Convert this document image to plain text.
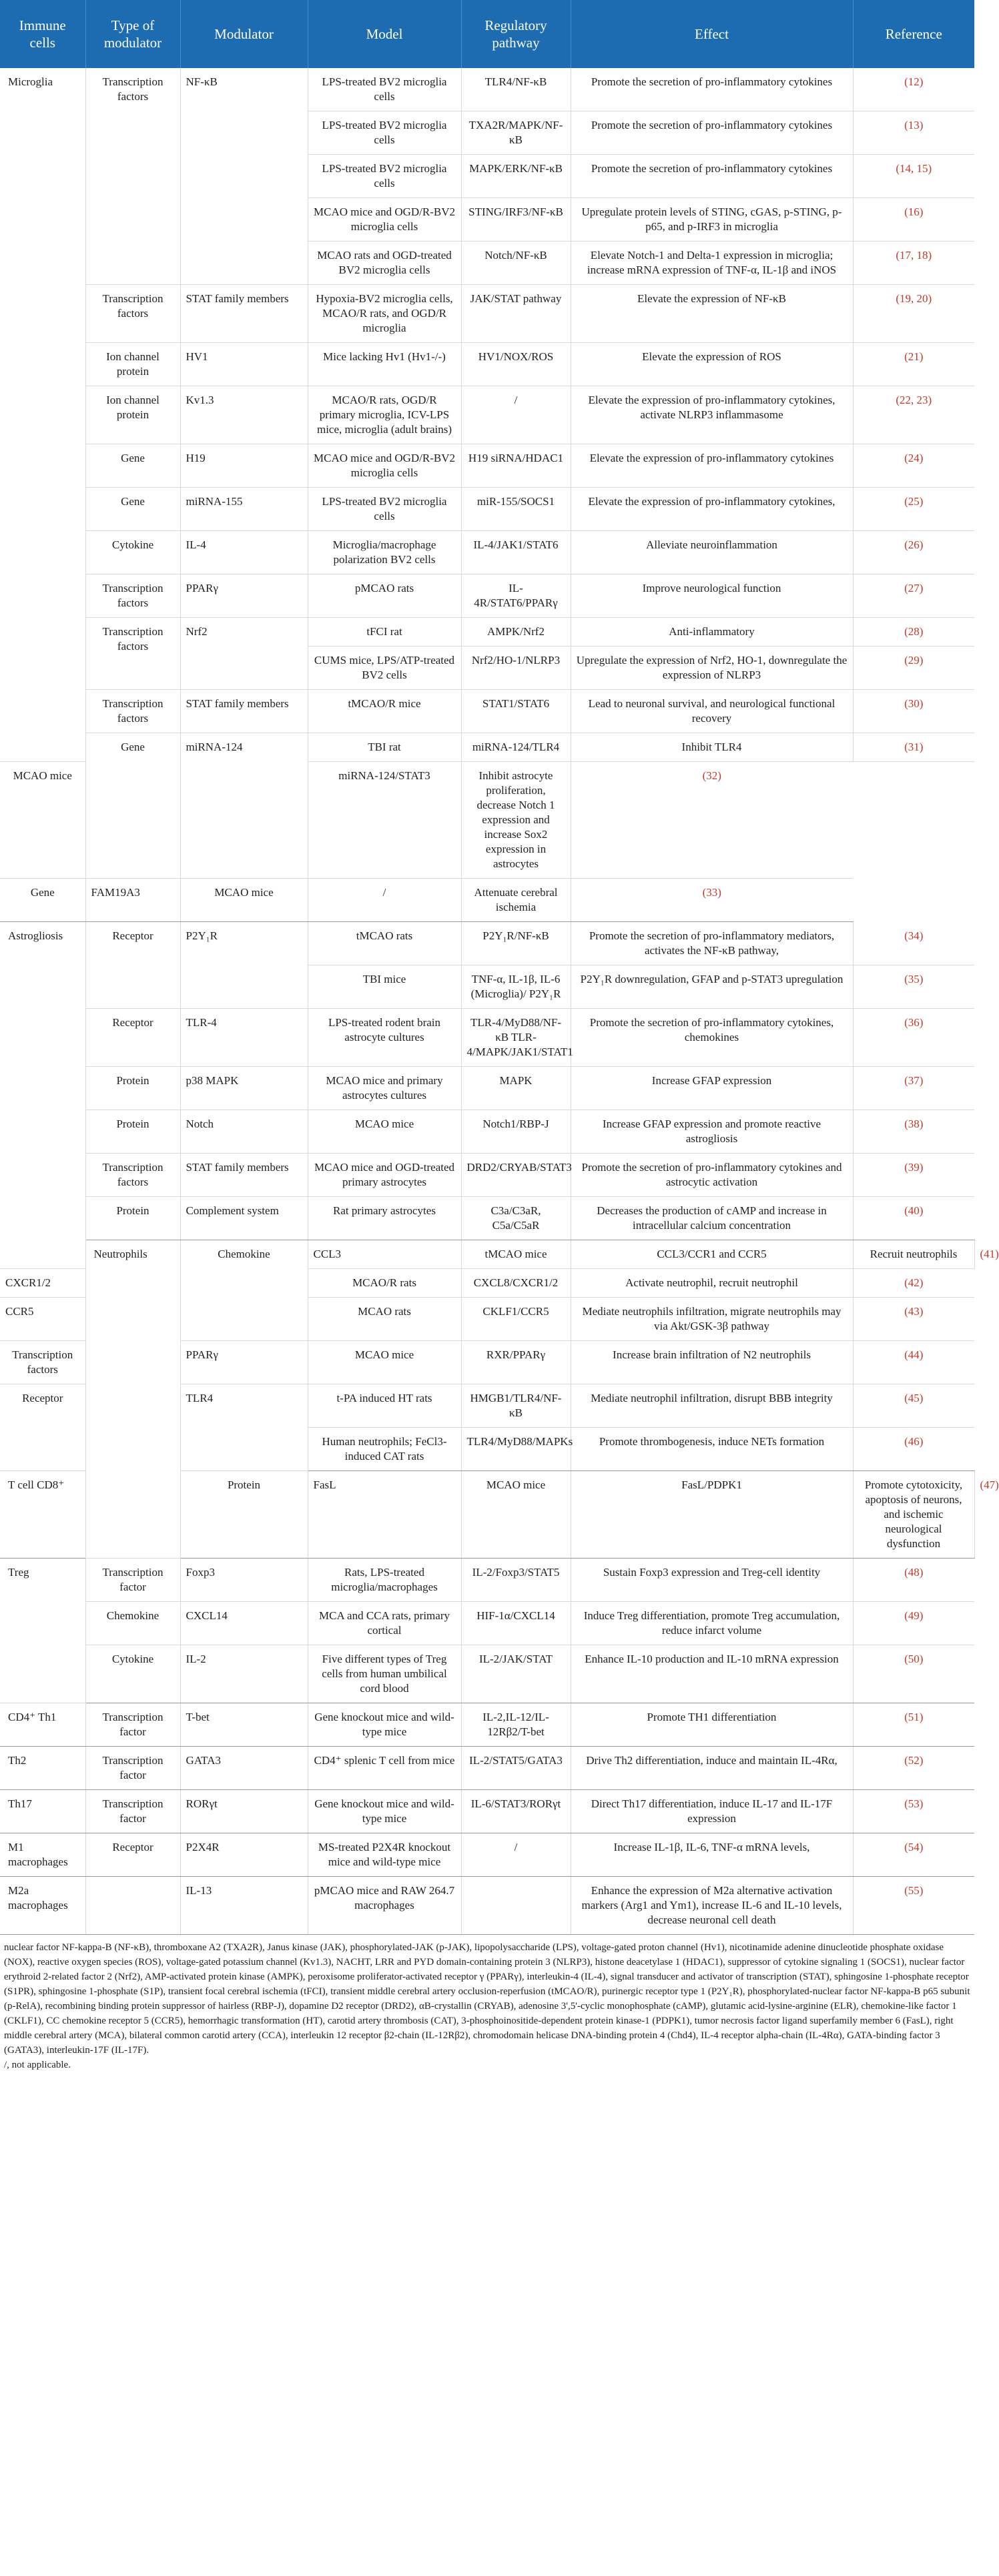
Immune cells	Type of modulator	Modulator	Model	Regulatory pathway	Effect	Reference	
Microglia	Transcription factors	NF-κB	LPS-treated BV2 microglia cells	TLR4/NF-κB	Promote the secretion of pro-inflammatory cytokines	(12)	
			LPS-treated BV2 microglia cells	TXA2R/MAPK/NF-κB	Promote the secretion of pro-inflammatory cytokines	(13)	
			LPS-treated BV2 microglia cells	MAPK/ERK/NF-κB	Promote the secretion of pro-inflammatory cytokines	(14, 15)	
			MCAO mice and OGD/R-BV2 microglia cells	STING/IRF3/NF-κB	Upregulate protein levels of STING, cGAS, p-STING, p-p65, and p-IRF3 in microglia	(16)	
			MCAO rats and OGD-treated BV2 microglia cells	Notch/NF-κB	Elevate Notch-1 and Delta-1 expression in microglia; increase mRNA expression of TNF-α, IL-1β and iNOS	(17, 18)	
	Transcription factors	STAT family members	Hypoxia-BV2 microglia cells, MCAO/R rats, and OGD/R microglia	JAK/STAT pathway	Elevate the expression of NF-κB	(19, 20)	
	Ion channel protein	HV1	Mice lacking Hv1 (Hv1-/-)	HV1/NOX/ROS	Elevate the expression of ROS	(21)	
	Ion channel protein	Kv1.3	MCAO/R rats, OGD/R primary microglia, ICV-LPS mice, microglia (adult brains)	/	Elevate the expression of pro-inflammatory cytokines, activate NLRP3 inflammasome	(22, 23)	
	Gene	H19	MCAO mice and OGD/R-BV2 microglia cells	H19 siRNA/HDAC1	Elevate the expression of pro-inflammatory cytokines	(24)	
	Gene	miRNA-155	LPS-treated BV2 microglia cells	miR-155/SOCS1	Elevate the expression of pro-inflammatory cytokines,	(25)	
	Cytokine	IL-4	Microglia/macrophage polarization BV2 cells	IL-4/JAK1/STAT6	Alleviate neuroinflammation	(26)	
	Transcription factors	PPARγ	pMCAO rats	IL-4R/STAT6/PPARγ	Improve neurological function	(27)	
	Transcription factors	Nrf2	tFCI rat	AMPK/Nrf2	Anti-inflammatory	(28)	
			CUMS mice, LPS/ATP-treated BV2 cells	Nrf2/HO-1/NLRP3	Upregulate the expression of Nrf2, HO-1, downregulate the expression of NLRP3	(29)	
	Transcription factors	STAT family members	tMCAO/R mice	STAT1/STAT6	Lead to neuronal survival, and neurological functional recovery	(30)	
	Gene	miRNA-124	TBI rat	miRNA-124/TLR4	Inhibit TLR4	(31)	
MCAO mice			miRNA-124/STAT3	Inhibit astrocyte proliferation, decrease Notch 1 expression and increase Sox2 expression in astrocytes	(32)		
Gene	FAM19A3	MCAO mice	/	Attenuate cerebral ischemia	(33)		
Astrogliosis	Receptor	P2Y₁R	tMCAO rats	P2Y₁R/NF-κB	Promote the secretion of pro-inflammatory mediators, activates the NF-κB pathway,	(34)	
			TBI mice	TNF-α, IL-1β, IL-6 (Microglia)/ P2Y₁R	P2Y₁R downregulation, GFAP and p-STAT3 upregulation	(35)	
	Receptor	TLR-4	LPS-treated rodent brain astrocyte cultures	TLR-4/MyD88/NF-κB TLR-4/MAPK/JAK1/STAT1	Promote the secretion of pro-inflammatory cytokines, chemokines	(36)	
	Protein	p38 MAPK	MCAO mice and primary astrocytes cultures	MAPK	Increase GFAP expression	(37)	
	Protein	Notch	MCAO mice	Notch1/RBP-J	Increase GFAP expression and promote reactive astrogliosis	(38)	
	Transcription factors	STAT family members	MCAO mice and OGD-treated primary astrocytes	DRD2/CRYAB/STAT3	Promote the secretion of pro-inflammatory cytokines and astrocytic activation	(39)	
	Protein	Complement system	Rat primary astrocytes	C3a/C3aR, C5a/C5aR	Decreases the production of cAMP and increase in intracellular calcium concentration	(40)	
	Neutrophils	Chemokine	CCL3	tMCAO mice	CCL3/CCR1 and CCR5	Recruit neutrophils	(41)
CXCR1/2			MCAO/R rats	CXCL8/CXCR1/2	Activate neutrophil, recruit neutrophil	(42)	
CCR5			MCAO rats	CKLF1/CCR5	Mediate neutrophils infiltration, migrate neutrophils may via Akt/GSK-3β pathway	(43)	
Transcription factors		PPARγ	MCAO mice	RXR/PPARγ	Increase brain infiltration of N2 neutrophils	(44)	
Receptor		TLR4	t-PA induced HT rats	HMGB1/TLR4/NF-κB	Mediate neutrophil infiltration, disrupt BBB integrity	(45)	
			Human neutrophils; FeCl3-induced CAT rats	TLR4/MyD88/MAPKs	Promote thrombogenesis, induce NETs formation	(46)	
T cell CD8⁺		Protein	FasL	MCAO mice	FasL/PDPK1	Promote cytotoxicity, apoptosis of neurons, and ischemic neurological dysfunction	(47)
Treg	Transcription factor	Foxp3	Rats, LPS-treated microglia/macrophages	IL-2/Foxp3/STAT5	Sustain Foxp3 expression and Treg-cell identity	(48)	
	Chemokine	CXCL14	MCA and CCA rats, primary cortical	HIF-1α/CXCL14	Induce Treg differentiation, promote Treg accumulation, reduce infarct volume	(49)	
	Cytokine	IL-2	Five different types of Treg cells from human umbilical cord blood	IL-2/JAK/STAT	Enhance IL-10 production and IL-10 mRNA expression	(50)	
CD4⁺ Th1	Transcription factor	T-bet	Gene knockout mice and wild-type mice	IL-2,IL-12/IL-12Rβ2/T-bet	Promote TH1 differentiation	(51)	
Th2	Transcription factor	GATA3	CD4⁺ splenic T cell from mice	IL-2/STAT5/GATA3	Drive Th2 differentiation, induce and maintain IL-4Rα,	(52)	
Th17	Transcription factor	RORγt	Gene knockout mice and wild-type mice	IL-6/STAT3/RORγt	Direct Th17 differentiation, induce IL-17 and IL-17F expression	(53)	
M1 macrophages	Receptor	P2X4R	MS-treated P2X4R knockout mice and wild-type mice	/	Increase IL-1β, IL-6, TNF-α mRNA levels,	(54)	
M2a macrophages		IL-13	pMCAO mice and RAW 264.7 macrophages		Enhance the expression of M2a alternative activation markers (Arg1 and Ym1), increase IL-6 and IL-10 levels, decrease neuronal cell death	(55)	
nuclear factor NF-kappa-B (NF-κB), thromboxane A2 (TXA2R), Janus kinase (JAK), phosphorylated-JAK (p-JAK), lipopolysaccharide (LPS), voltage-gated proton channel (Hv1), nicotinamide adenine dinucleotide phosphate oxidase (NOX), reactive oxygen species (ROS), voltage-gated potassium channel (Kv1.3), NACHT, LRR and PYD domain-containing protein 3 (NLRP3), histone deacetylase 1 (HDAC1), suppressor of cytokine signaling 1 (SOCS1), nuclear factor erythroid 2-related factor 2 (Nrf2), AMP-activated protein kinase (AMPK), peroxisome proliferator-activated receptor γ (PPARγ), interleukin-4 (IL-4), signal transducer and activator of transcription (STAT), sphingosine 1-phosphate receptor (S1PR), sphingosine 1-phosphate (S1P), transient focal cerebral ischemia (tFCI), transient middle cerebral artery occlusion-reperfusion (tMCAO/R), purinergic receptor type 1 (P2Y₁R), phosphorylated-nuclear factor NF-kappa-B p65 subunit (p-RelA), recombining binding protein suppressor of hairless (RBP-J), dopamine D2 receptor (DRD2), αB-crystallin (CRYAB), adenosine 3',5'-cyclic monophosphate (cAMP), glutamic acid-lysine-arginine (ELR), chemokine-like factor 1 (CKLF1), CC chemokine receptor 5 (CCR5), hemorrhagic transformation (HT), carotid artery thrombosis (CAT), 3-phosphoinositide-dependent protein kinase-1 (PDPK1), tumor necrosis factor ligand superfamily member 6 (FasL), right middle cerebral artery (MCA), bilateral common carotid artery (CCA), interleukin 12 receptor β2-chain (IL-12Rβ2), chromodomain helicase DNA-binding protein 4 (Chd4), IL-4 receptor alpha-chain (IL-4Rα), GATA-binding factor 3 (GATA3), interleukin-17F (IL-17F).
/, not applicable.
